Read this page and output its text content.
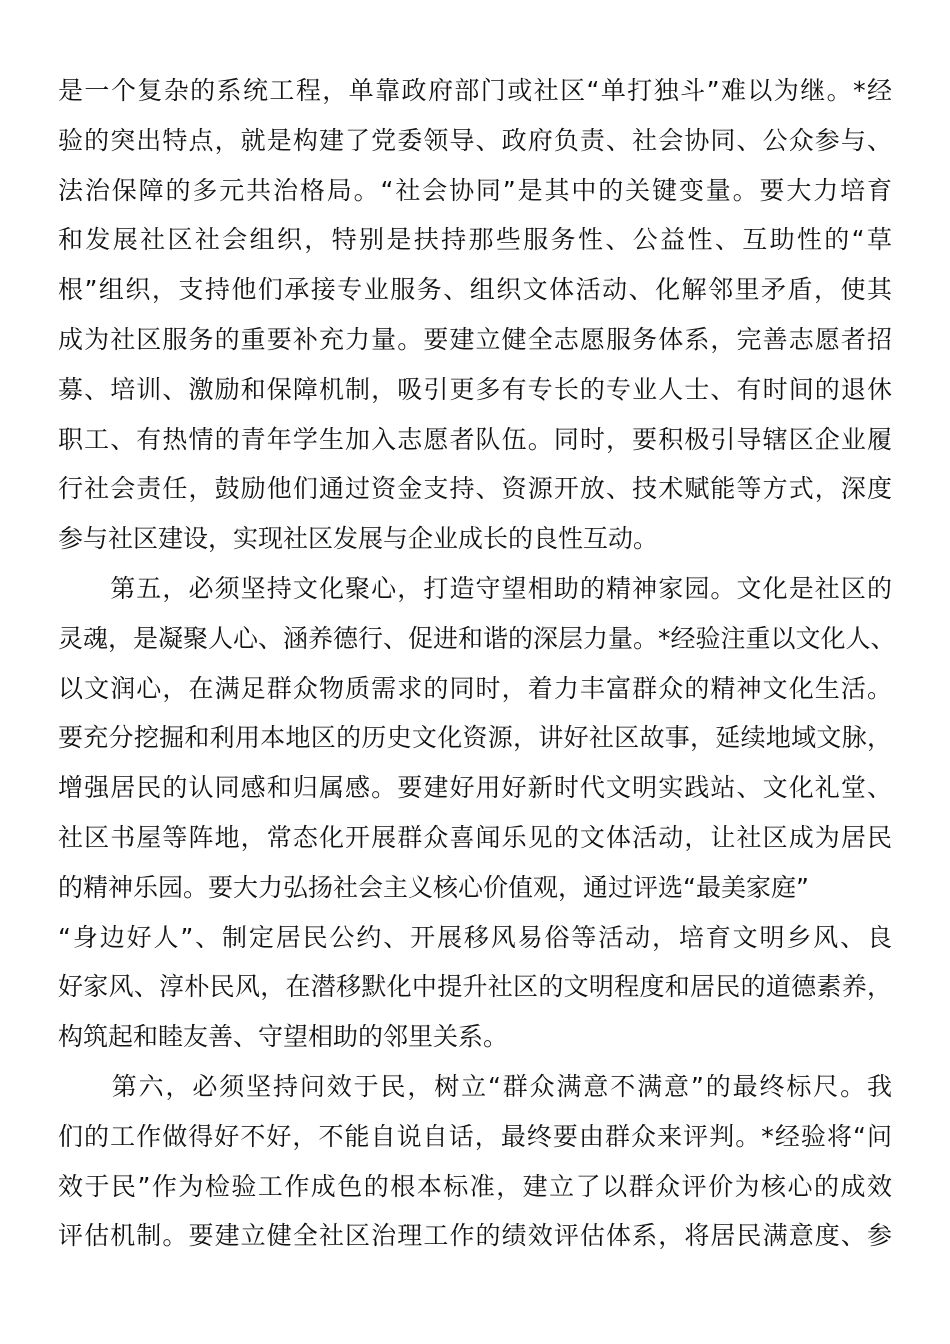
是一个复杂的系统工程，单靠政府部门或社区“单打独斗”难以为继。*经
验的突出特点，就是构建了党委领导、政府负责、社会协同、公众参与、
法治保障的多元共治格局。“社会协同”是其中的关键变量。要大力培育
和发展社区社会组织，特别是扶持那些服务性、公益性、互助性的“草
根”组织，支持他们承接专业服务、组织文体活动、化解邻里矛盾，使其
成为社区服务的重要补充力量。要建立健全志愿服务体系，完善志愿者招
募、培训、激励和保障机制，吸引更多有专长的专业人士、有时间的退休
职工、有热情的青年学生加入志愿者队伍。同时，要积极引导辖区企业履
行社会责任，鼓励他们通过资金支持、资源开放、技术赋能等方式，深度
参与社区建设，实现社区发展与企业成长的良性互动。
　　第五，必须坚持文化聚心，打造守望相助的精神家园。文化是社区的
灵魂，是凝聚人心、涵养德行、促进和谐的深层力量。*经验注重以文化人、
以文润心，在满足群众物质需求的同时，着力丰富群众的精神文化生活。
要充分挖掘和利用本地区的历史文化资源，讲好社区故事，延续地域文脉，
增强居民的认同感和归属感。要建好用好新时代文明实践站、文化礼堂、
社区书屋等阵地，常态化开展群众喜闻乐见的文体活动，让社区成为居民
的精神乐园。要大力弘扬社会主义核心价值观，通过评选“最美家庭”
“身边好人”、制定居民公约、开展移风易俗等活动，培育文明乡风、良
好家风、淳朴民风，在潜移默化中提升社区的文明程度和居民的道德素养，
构筑起和睦友善、守望相助的邻里关系。
　　第六，必须坚持问效于民，树立“群众满意不满意”的最终标尺。我
们的工作做得好不好，不能自说自话，最终要由群众来评判。*经验将“问
效于民”作为检验工作成色的根本标准，建立了以群众评价为核心的成效
评估机制。要建立健全社区治理工作的绩效评估体系，将居民满意度、参
